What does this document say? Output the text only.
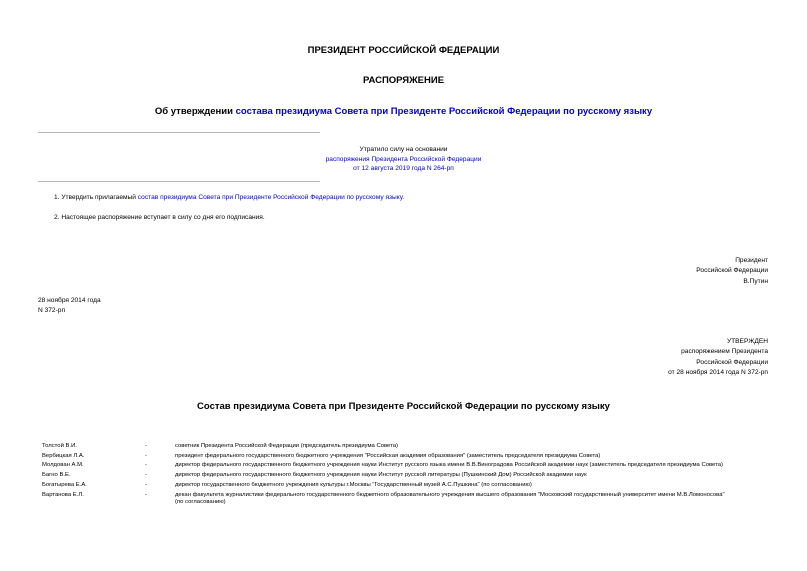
ПРЕЗИДЕНТ РОССИЙСКОЙ ФЕДЕРАЦИИ
РАСПОРЯЖЕНИЕ
Об утверждении состава президиума Совета при Президенте Российской Федерации по русскому языку
Утратило силу на основании
распоряжения Президента Российской Федерации
от 12 августа 2019 года N 264-рп
1. Утвердить прилагаемый состав президиума Совета при Президенте Российской Федерации по русскому языку.
2. Настоящее распоряжение вступает в силу со дня его подписания.
Президент
Российской Федерации
В.Путин
28 ноября 2014 года
N 372-рп
УТВЕРЖДЕН
распоряжением Президента
Российской Федерации
от 28 ноября 2014 года N 372-рп
Состав президиума Совета при Президенте Российской Федерации по русскому языку
Толстой В.И.	-	советник Президента Российской Федерации (председатель президиума Совета)

Вербицкая Л.А.	-	президент федерального государственного бюджетного учреждения "Российская академия образования" (заместитель председателя президиума Совета)

Молдован А.М.	-	директор федерального государственного бюджетного учреждения науки Институт русского языка имени В.В.Виноградова Российской академии наук (заместитель председателя президиума Совета)

Багно В.Е.	-	директор федерального государственного бюджетного учреждения науки Институт русской литературы (Пушкинский Дом) Российской академии наук

Богатырева Е.А.	-	директор государственного бюджетного учреждения культуры г.Москвы "Государственный музей А.С.Пушкина" (по согласованию)

Вартанова Е.Л.	-	декан факультета журналистики федерального государственного бюджетного образовательного учреждения высшего образования "Московский государственный университет имени М.В.Ломоносова"
(по согласованию)
